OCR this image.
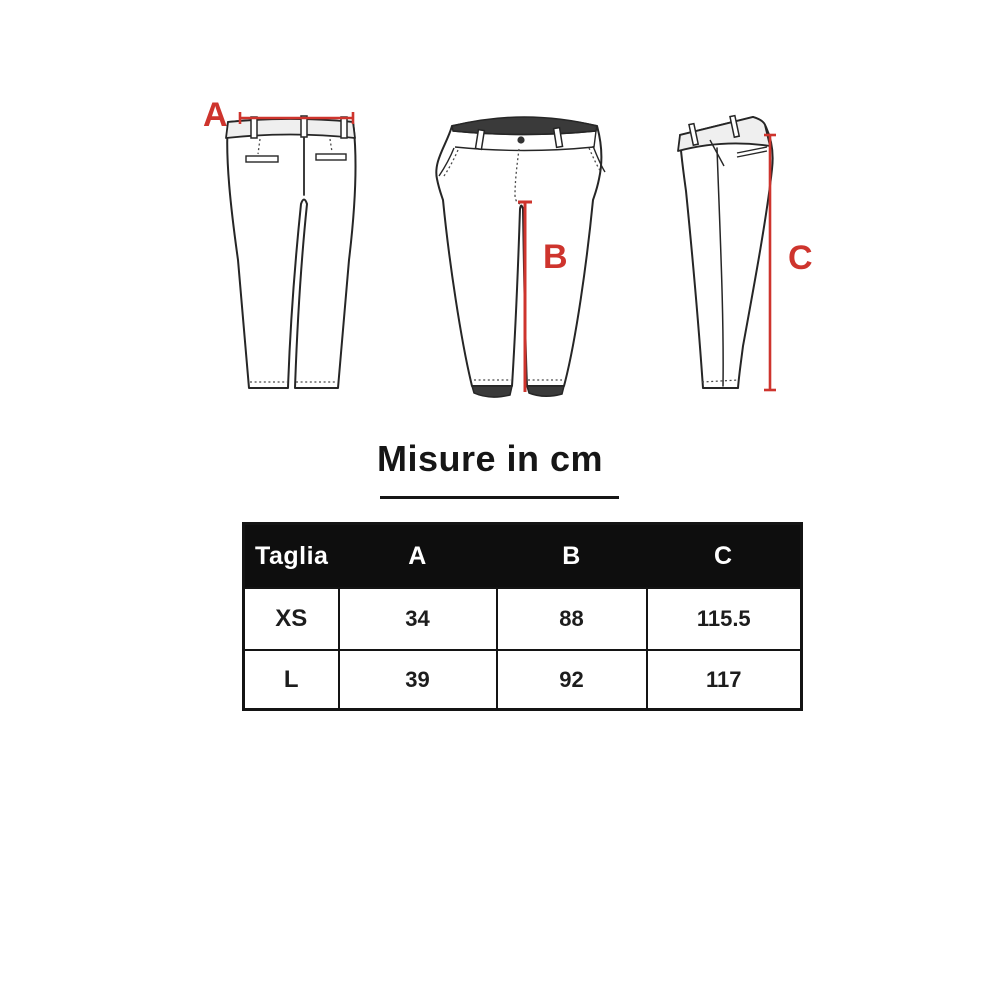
A
B	C
Misure in cm
Taglia	A	B	C
XS	34	88	115.5
L	39	92	117
